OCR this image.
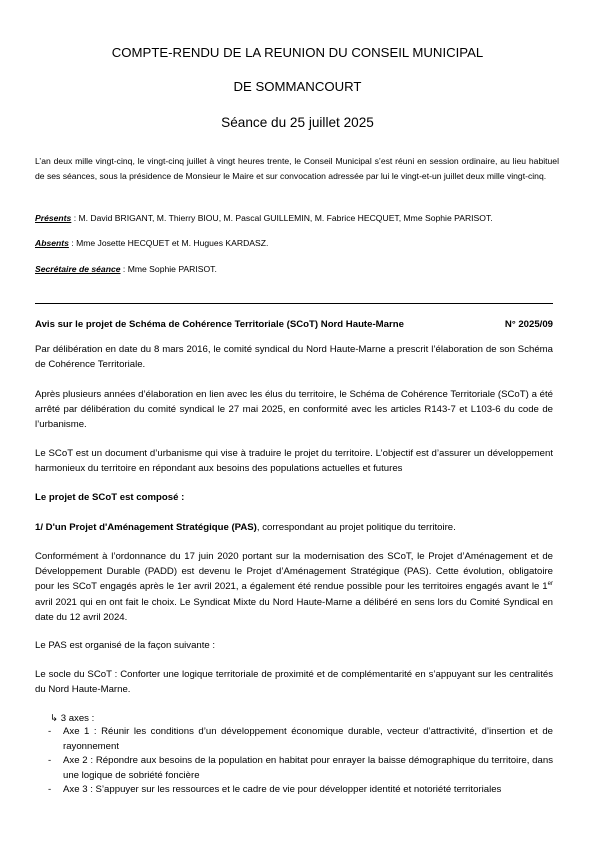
COMPTE-RENDU DE LA REUNION DU CONSEIL MUNICIPAL
DE SOMMANCOURT
Séance du 25 juillet 2025
L’an deux mille vingt-cinq, le vingt-cinq juillet à vingt heures trente, le Conseil Municipal s’est réuni en session ordinaire, au lieu habituel de ses séances, sous la présidence de Monsieur le Maire et sur convocation adressée par lui le vingt-et-un juillet deux mille vingt-cinq.
Présents : M. David BRIGANT, M. Thierry BIOU, M. Pascal GUILLEMIN, M. Fabrice HECQUET, Mme Sophie PARISOT.
Absents : Mme Josette HECQUET et M. Hugues KARDASZ.
Secrétaire de séance : Mme Sophie PARISOT.
Avis sur le projet de Schéma de Cohérence Territoriale (SCoT) Nord Haute-Marne	N° 2025/09
Par délibération en date du 8 mars 2016, le comité syndical du Nord Haute-Marne a prescrit l’élaboration de son Schéma de Cohérence Territoriale.
Après plusieurs années d’élaboration en lien avec les élus du territoire, le Schéma de Cohérence Territoriale (SCoT) a été arrêté par délibération du comité syndical le 27 mai 2025, en conformité avec les articles R143-7 et L103-6 du code de l’urbanisme.
Le SCoT est un document d’urbanisme qui vise à traduire le projet du territoire. L’objectif est d’assurer un développement harmonieux du territoire en répondant aux besoins des populations actuelles et futures
Le projet de SCoT est composé :
1/ D'un Projet d'Aménagement Stratégique (PAS), correspondant au projet politique du territoire.
Conformément à l’ordonnance du 17 juin 2020 portant sur la modernisation des SCoT, le Projet d’Aménagement et de Développement Durable (PADD) est devenu le Projet d’Aménagement Stratégique (PAS). Cette évolution, obligatoire pour les SCoT engagés après le 1er avril 2021, a également été rendue possible pour les territoires engagés avant le 1er avril 2021 qui en ont fait le choix. Le Syndicat Mixte du Nord Haute-Marne a délibéré en sens lors du Comité Syndical en date du 12 avril 2024.
Le PAS est organisé de la façon suivante :
Le socle du SCoT : Conforter une logique territoriale de proximité et de complémentarité en s’appuyant sur les centralités du Nord Haute-Marne.
↳ 3 axes :
- Axe 1 : Réunir les conditions d’un développement économique durable, vecteur d’attractivité, d’insertion et de rayonnement
- Axe 2 : Répondre aux besoins de la population en habitat pour enrayer la baisse démographique du territoire, dans une logique de sobriété foncière
- Axe 3 : S’appuyer sur les ressources et le cadre de vie pour développer identité et notoriété territoriales
